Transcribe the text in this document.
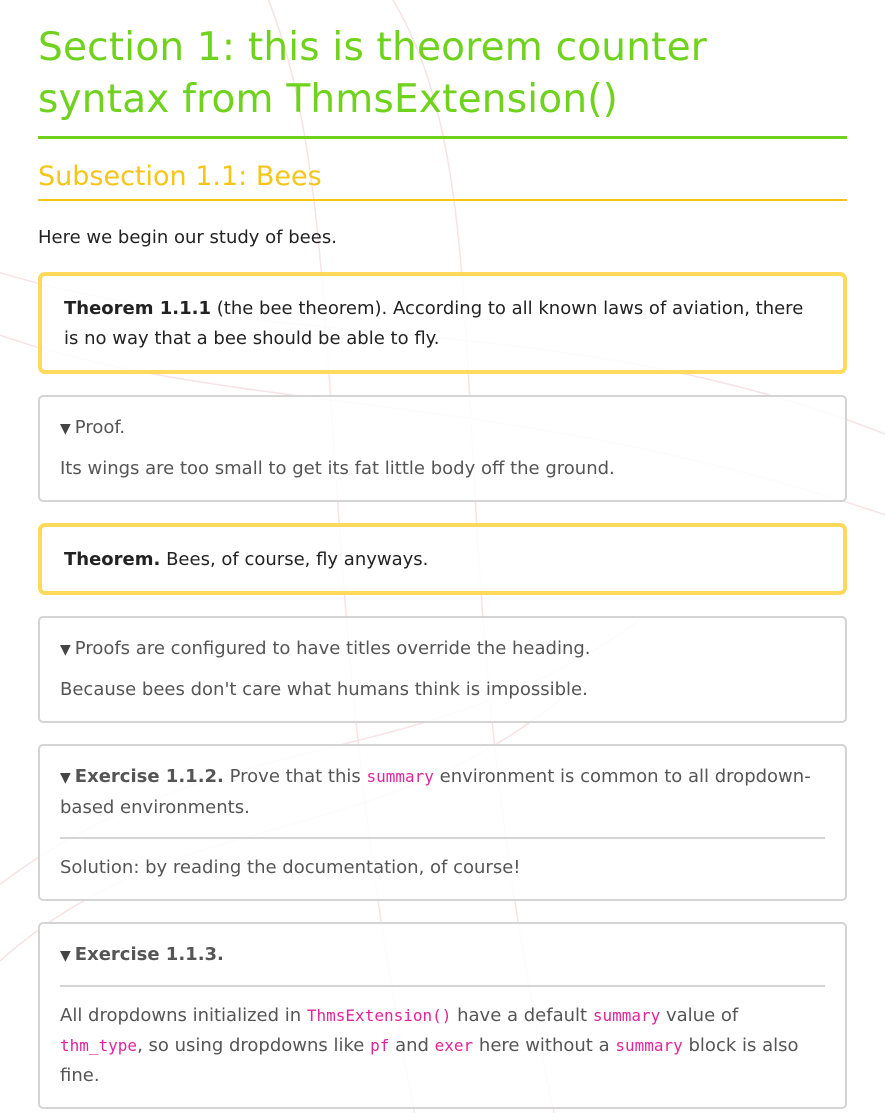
Section 1: this is theorem counter syntax from ThmsExtension()
Subsection 1.1: Bees

Here we begin our study of bees.

Theorem 1.1.1 (the bee theorem). According to all known laws of aviation, there is no way that a bee should be able to fly.
▼ Proof.
Its wings are too small to get its fat little body off the ground.
Theorem. Bees, of course, fly anyways.
▼ Proofs are configured to have titles override the heading.
Because bees don't care what humans think is impossible.
▼ Exercise 1.1.2. Prove that this summary environment is common to all dropdown-based environments.
Solution: by reading the documentation, of course!
▼ Exercise 1.1.3.
All dropdowns initialized in ThmsExtension() have a default summary value of thm_type, so using dropdowns like pf and exer here without a summary block is also fine.
